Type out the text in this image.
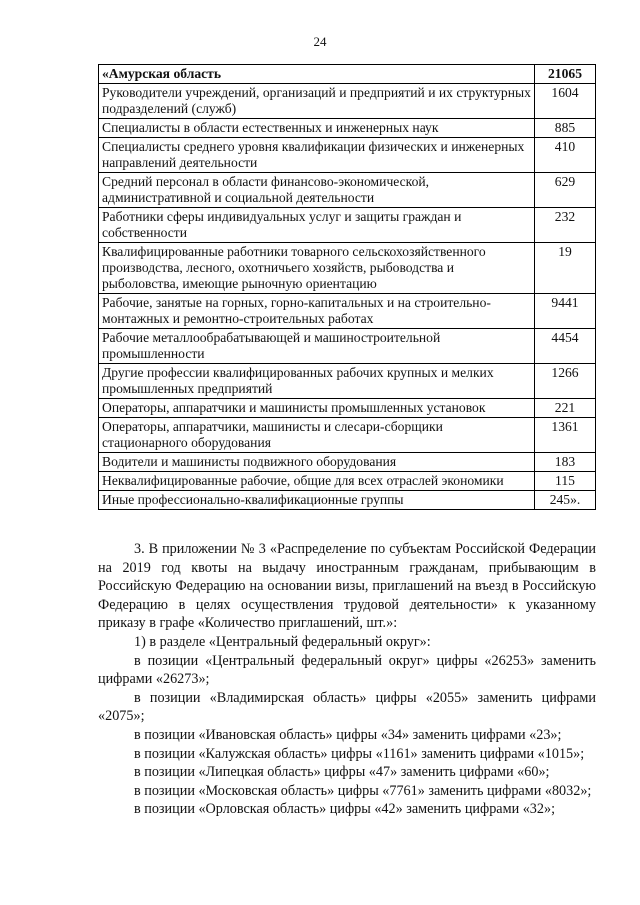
24
«Амурская область	21065
Руководители учреждений, организаций и предприятий и их структурных подразделений (служб)	1604
Специалисты в области естественных и инженерных наук	885
Специалисты среднего уровня квалификации физических и инженерных направлений деятельности	410
Средний персонал в области финансово-экономической, административной и социальной деятельности	629
Работники сферы индивидуальных услуг и защиты граждан и собственности	232
Квалифицированные работники товарного сельскохозяйственного производства, лесного, охотничьего хозяйств, рыбоводства и рыболовства, имеющие рыночную ориентацию	19
Рабочие, занятые на горных, горно-капитальных и на строительно-монтажных и ремонтно-строительных работах	9441
Рабочие металлообрабатывающей и машиностроительной промышленности	4454
Другие профессии квалифицированных рабочих крупных и мелких промышленных предприятий	1266
Операторы, аппаратчики и машинисты промышленных установок	221
Операторы, аппаратчики, машинисты и слесари-сборщики стационарного оборудования	1361
Водители и машинисты подвижного оборудования	183
Неквалифицированные рабочие, общие для всех отраслей экономики	115
Иные профессионально-квалификационные группы	245».

3. В приложении № 3 «Распределение по субъектам Российской Федерации на 2019 год квоты на выдачу иностранным гражданам, прибывающим в Российскую Федерацию на основании визы, приглашений на въезд в Российскую Федерацию в целях осуществления трудовой деятельности» к указанному приказу в графе «Количество приглашений, шт.»:

1) в разделе «Центральный федеральный округ»:

в позиции «Центральный федеральный округ» цифры «26253» заменить цифрами «26273»;

в позиции «Владимирская область» цифры «2055» заменить цифрами «2075»;

в позиции «Ивановская область» цифры «34» заменить цифрами «23»;

в позиции «Калужская область» цифры «1161» заменить цифрами «1015»;

в позиции «Липецкая область» цифры «47» заменить цифрами «60»;

в позиции «Московская область» цифры «7761» заменить цифрами «8032»;

в позиции «Орловская область» цифры «42» заменить цифрами «32»;
